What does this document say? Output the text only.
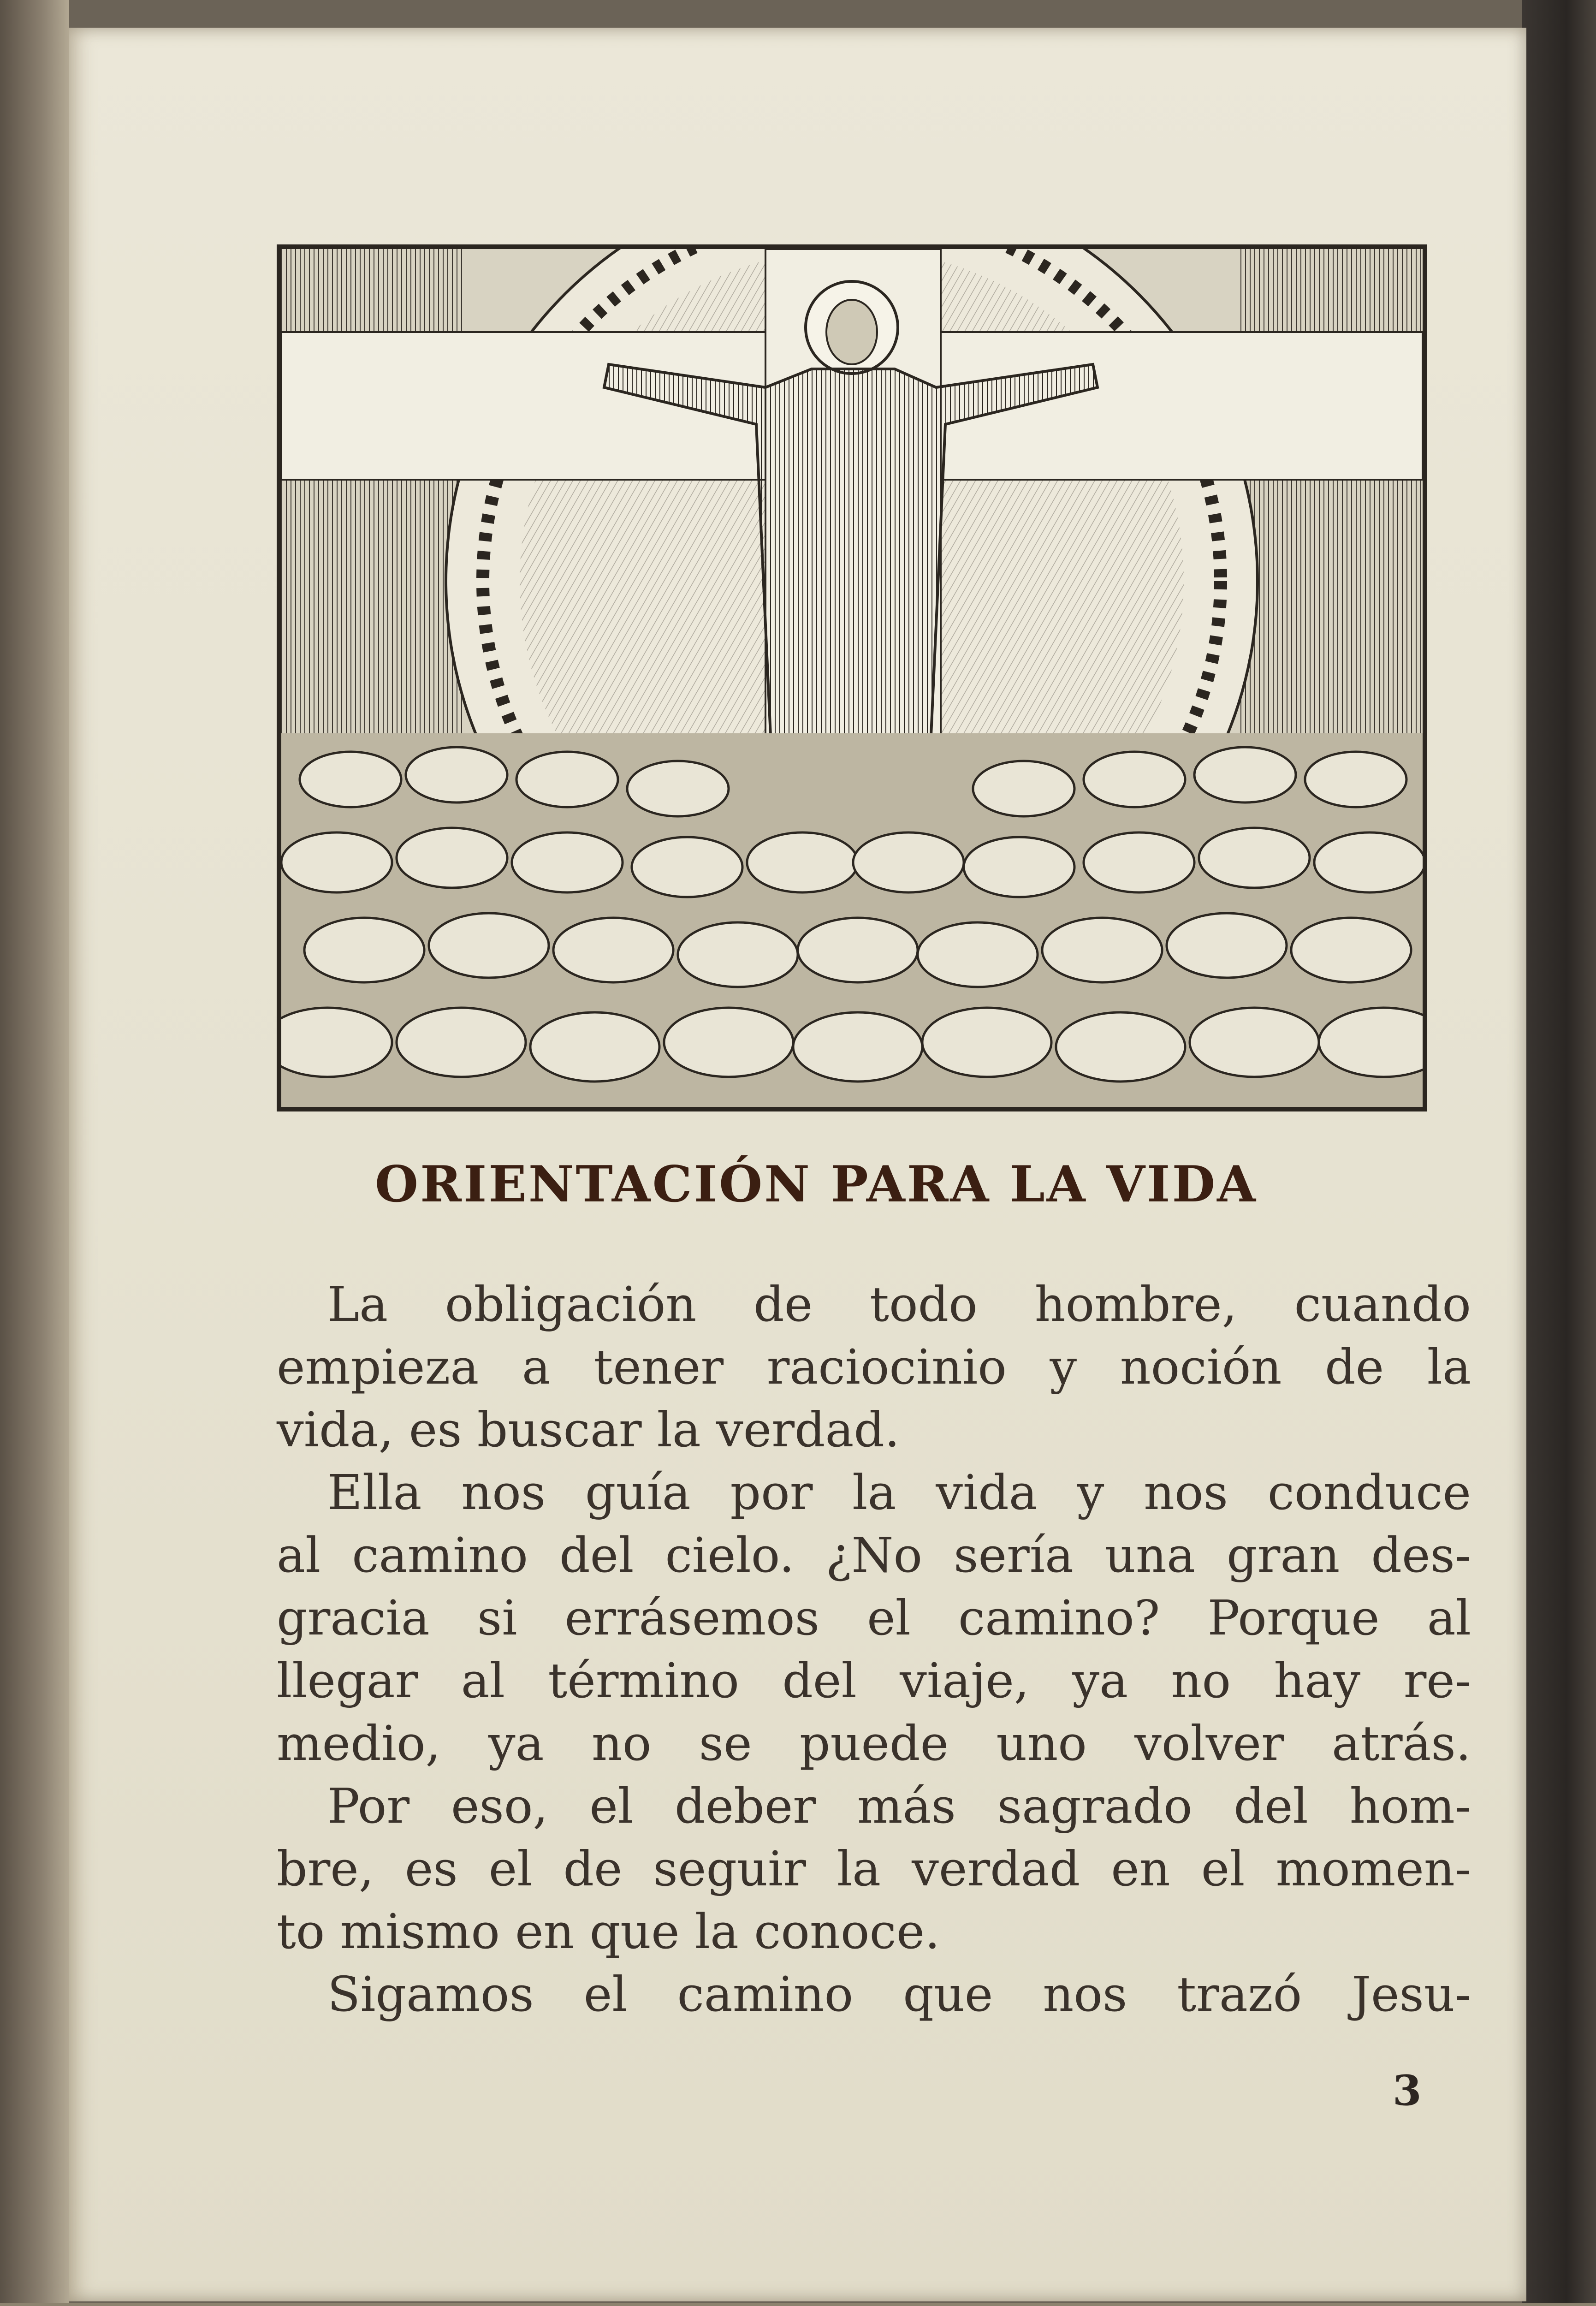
ORIENTACIÓN PARA LA VIDA
La obligación de todo hombre, cuando
empieza a tener raciocinio y noción de la
vida, es buscar la verdad.
Ella nos guía por la vida y nos conduce
al camino del cielo. ¿No sería una gran des-
gracia si errásemos el camino? Porque al
llegar al término del viaje, ya no hay re-
medio, ya no se puede uno volver atrás.
Por eso, el deber más sagrado del hom-
bre, es el de seguir la verdad en el momen-
to mismo en que la conoce.
Sigamos el camino que nos trazó Jesu-
3
